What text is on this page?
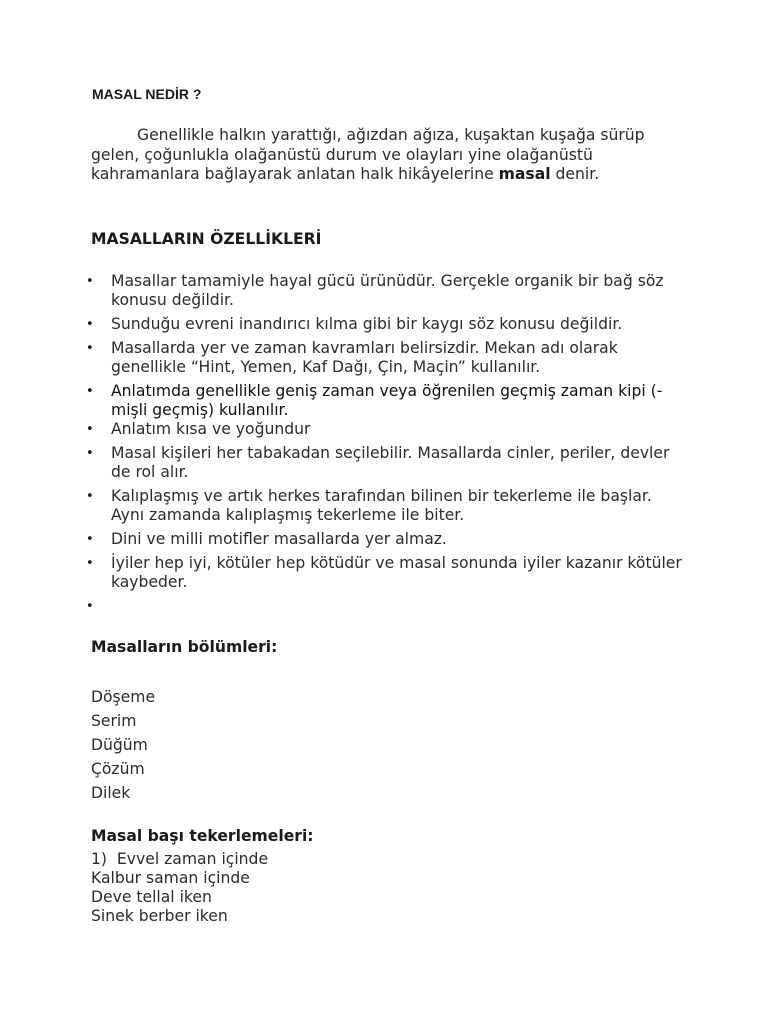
MASAL NEDİR ?

Genellikle halkın yarattığı, ağızdan ağıza, kuşaktan kuşağa sürüp gelen, çoğunlukla olağanüstü durum ve olayları yine olağanüstü kahramanlara bağlayarak anlatan halk hikâyelerine masal denir.

MASALLARIN ÖZELLİKLERİ
• Masallar tamamiyle hayal gücü ürünüdür. Gerçekle organik bir bağ söz konusu değildir.
• Sunduğu evreni inandırıcı kılma gibi bir kaygı söz konusu değildir.
• Masallarda yer ve zaman kavramları belirsizdir. Mekan adı olarak genellikle “Hint, Yemen, Kaf Dağı, Çin, Maçin” kullanılır.
• Anlatımda genellikle geniş zaman veya öğrenilen geçmiş zaman kipi (-mişli geçmiş) kullanılır.
• Anlatım kısa ve yoğundur
• Masal kişileri her tabakadan seçilebilir. Masallarda cinler, periler, devler de rol alır.
• Kalıplaşmış ve artık herkes tarafından bilinen bir tekerleme ile başlar. Aynı zamanda kalıplaşmış tekerleme ile biter.
• Dini ve milli motifler masallarda yer almaz.
• İyiler hep iyi, kötüler hep kötüdür ve masal sonunda iyiler kazanır kötüler kaybeder.
•
Masalların bölümleri:
Döşeme
Serim
Düğüm
Çözüm
Dilek
Masal başı tekerlemeleri:
1)  Evvel zaman içinde
Kalbur saman içinde
Deve tellal iken
Sinek berber iken
